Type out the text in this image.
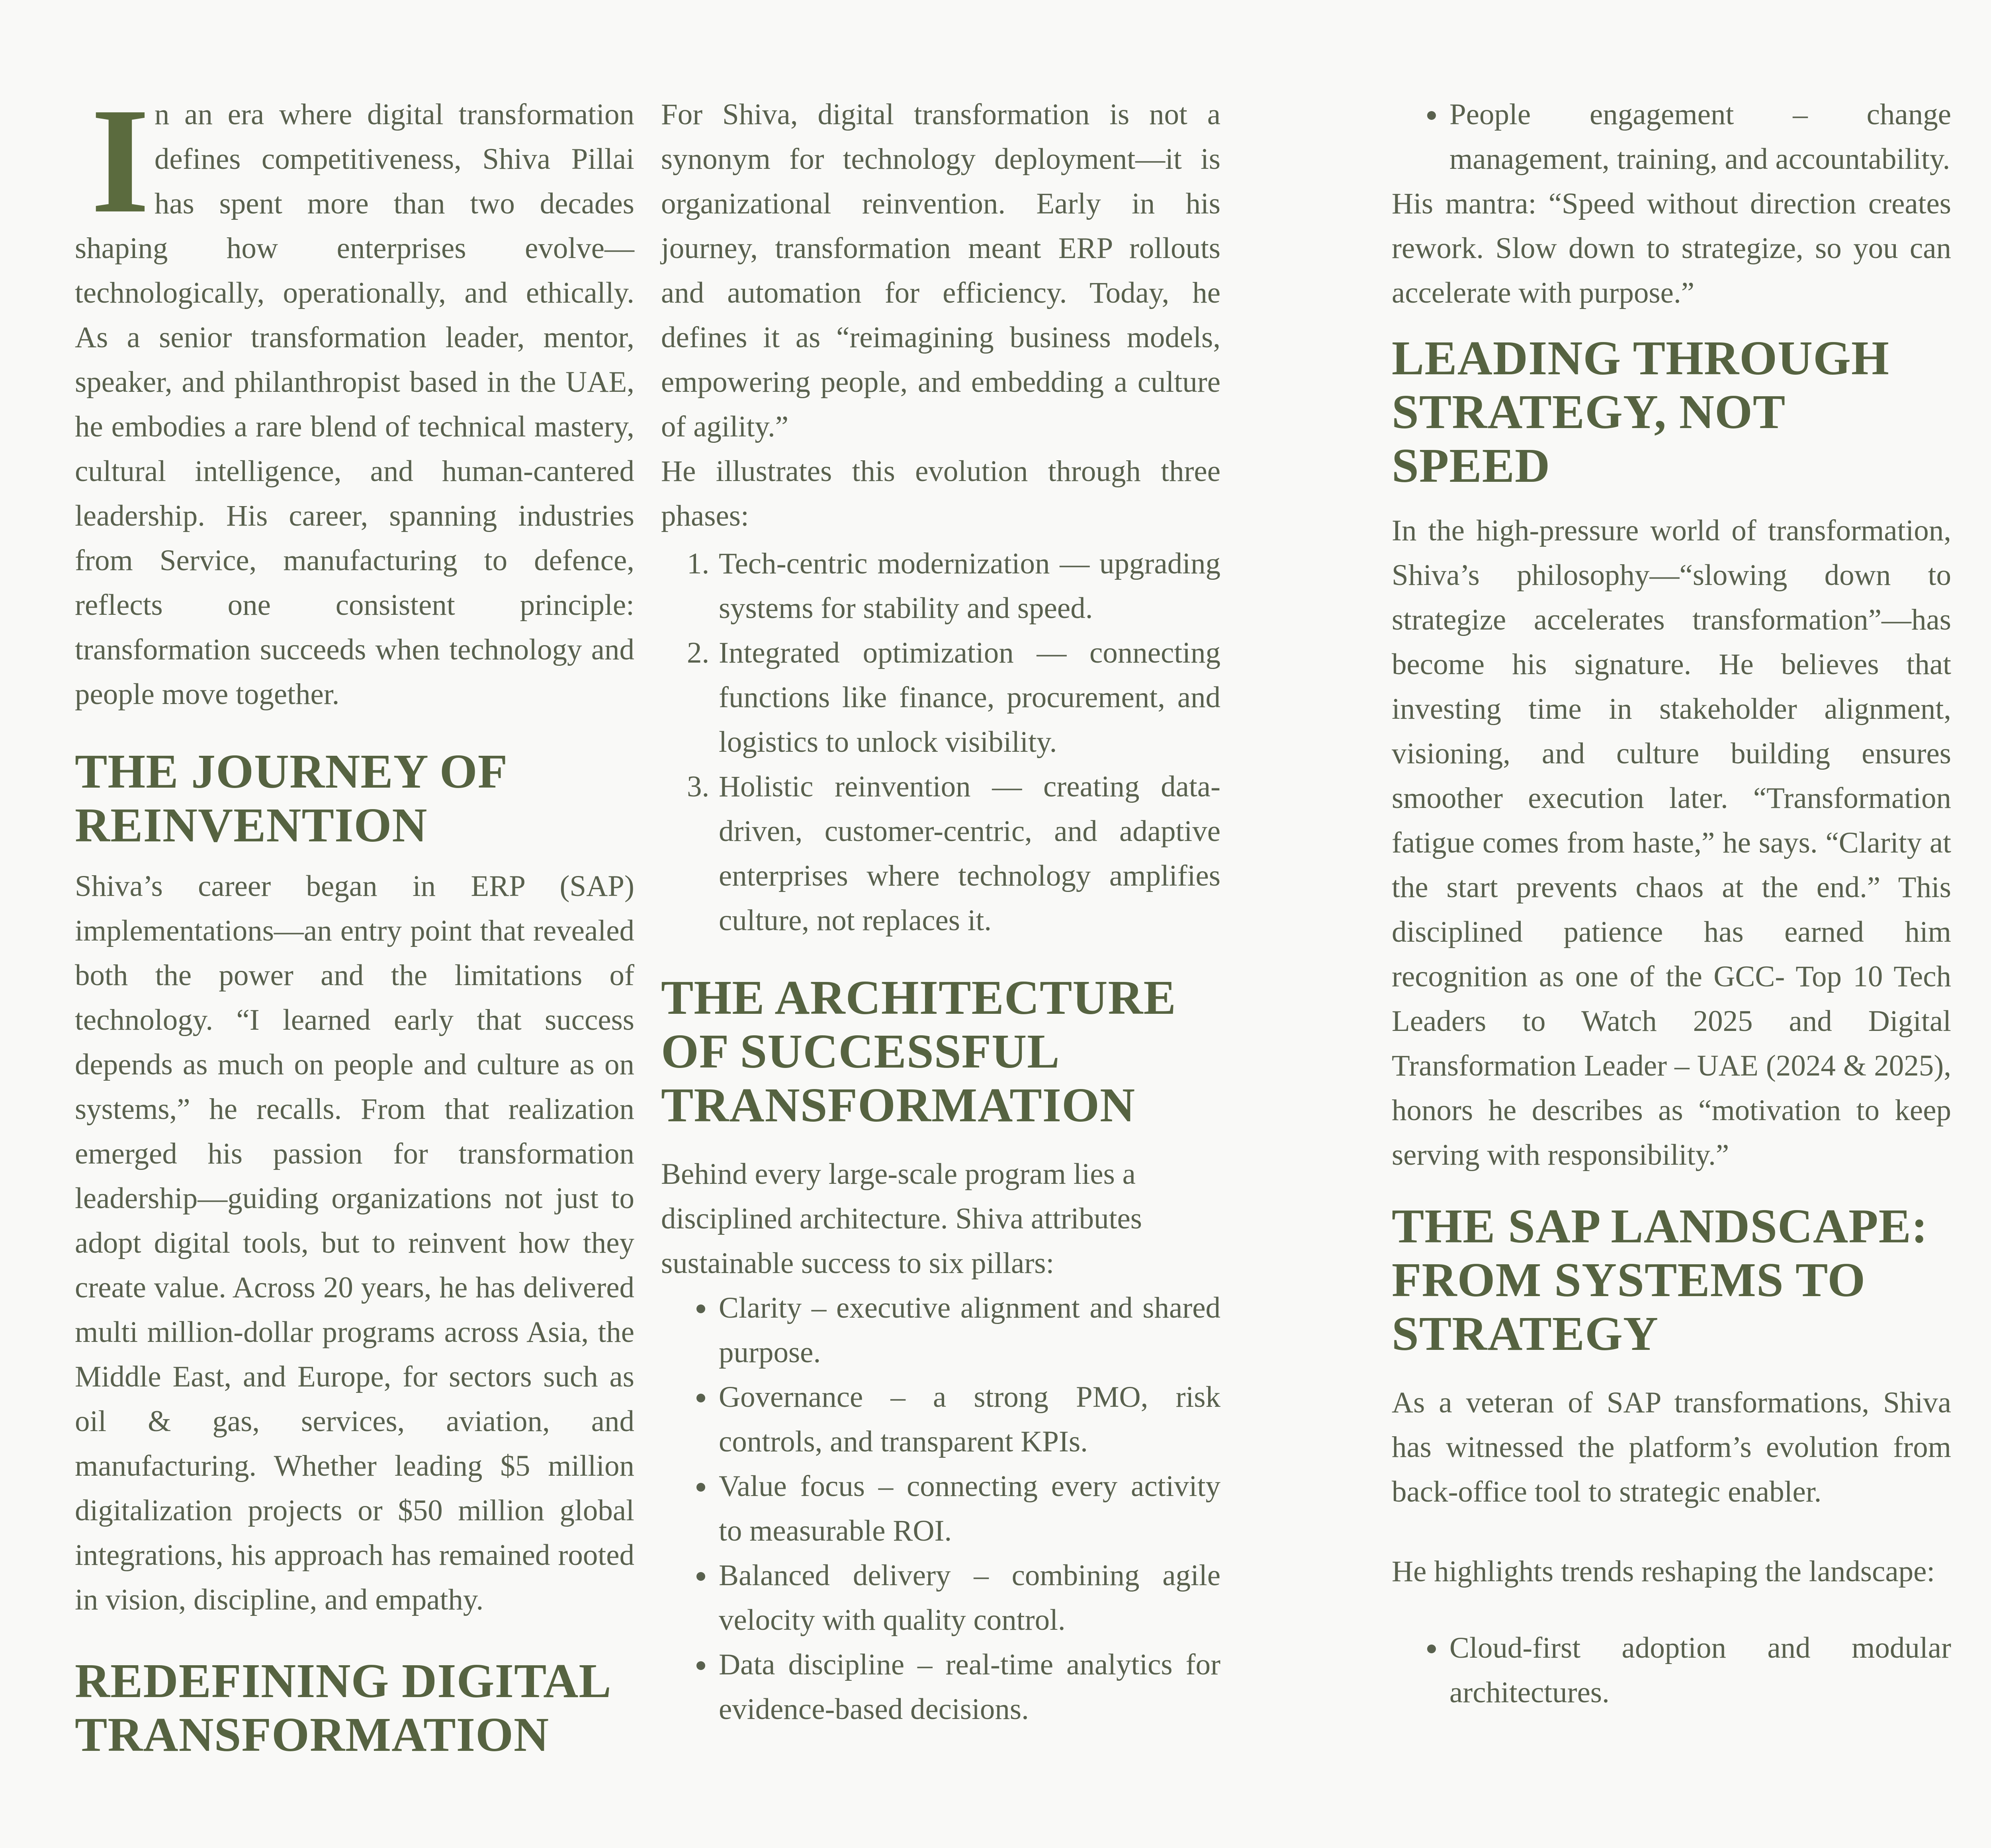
In an era where digital transformation defines competitiveness, Shiva Pillai has spent more than two decades shaping how enterprises evolve—technologically, operationally, and ethically. As a senior transformation leader, mentor, speaker, and philanthropist based in the UAE, he embodies a rare blend of technical mastery, cultural intelligence, and human-cantered leadership. His career, spanning industries from Service, manufacturing to defence, reflects one consistent principle: transformation succeeds when technology and people move together.

THE JOURNEY OF REINVENTION

Shiva’s career began in ERP (SAP) implementations—an entry point that revealed both the power and the limitations of technology. “I learned early that success depends as much on people and culture as on systems,” he recalls. From that realization emerged his passion for transformation leadership—guiding organizations not just to adopt digital tools, but to reinvent how they create value. Across 20 years, he has delivered multi million-dollar programs across Asia, the Middle East, and Europe, for sectors such as oil & gas, services, aviation, and manufacturing. Whether leading $5 million digitalization projects or $50 million global integrations, his approach has remained rooted in vision, discipline, and empathy.

REDEFINING DIGITAL TRANSFORMATION

For Shiva, digital transformation is not a synonym for technology deployment—it is organizational reinvention. Early in his journey, transformation meant ERP rollouts and automation for efficiency. Today, he defines it as “reimagining business models, empowering people, and embedding a culture of agility.”

He illustrates this evolution through three phases:

1. Tech-centric modernization — upgrading systems for stability and speed.
2. Integrated optimization — connecting functions like finance, procurement, and logistics to unlock visibility.
3. Holistic reinvention — creating data-driven, customer-centric, and adaptive enterprises where technology amplifies culture, not replaces it.
THE ARCHITECTURE OF SUCCESSFUL TRANSFORMATION

Behind every large-scale program lies a disciplined architecture. Shiva attributes sustainable success to six pillars:

• Clarity – executive alignment and shared purpose.
• Governance – a strong PMO, risk controls, and transparent KPIs.
• Value focus – connecting every activity to measurable ROI.
• Balanced delivery – combining agile velocity with quality control.
• Data discipline – real-time analytics for evidence-based decisions.
• People engagement – change management, training, and accountability.

His mantra: “Speed without direction creates rework. Slow down to strategize, so you can accelerate with purpose.”

LEADING THROUGH STRATEGY, NOT SPEED

In the high-pressure world of transformation, Shiva’s philosophy—“slowing down to strategize accelerates transformation”—has become his signature. He believes that investing time in stakeholder alignment, visioning, and culture building ensures smoother execution later. “Transformation fatigue comes from haste,” he says. “Clarity at the start prevents chaos at the end.” This disciplined patience has earned him recognition as one of the GCC- Top 10 Tech Leaders to Watch 2025 and Digital Transformation Leader – UAE (2024 & 2025), honors he describes as “motivation to keep serving with responsibility.”

THE SAP LANDSCAPE: FROM SYSTEMS TO STRATEGY

As a veteran of SAP transformations, Shiva has witnessed the platform’s evolution from back-office tool to strategic enabler.

He highlights trends reshaping the landscape:

• Cloud-first adoption and modular architectures.
